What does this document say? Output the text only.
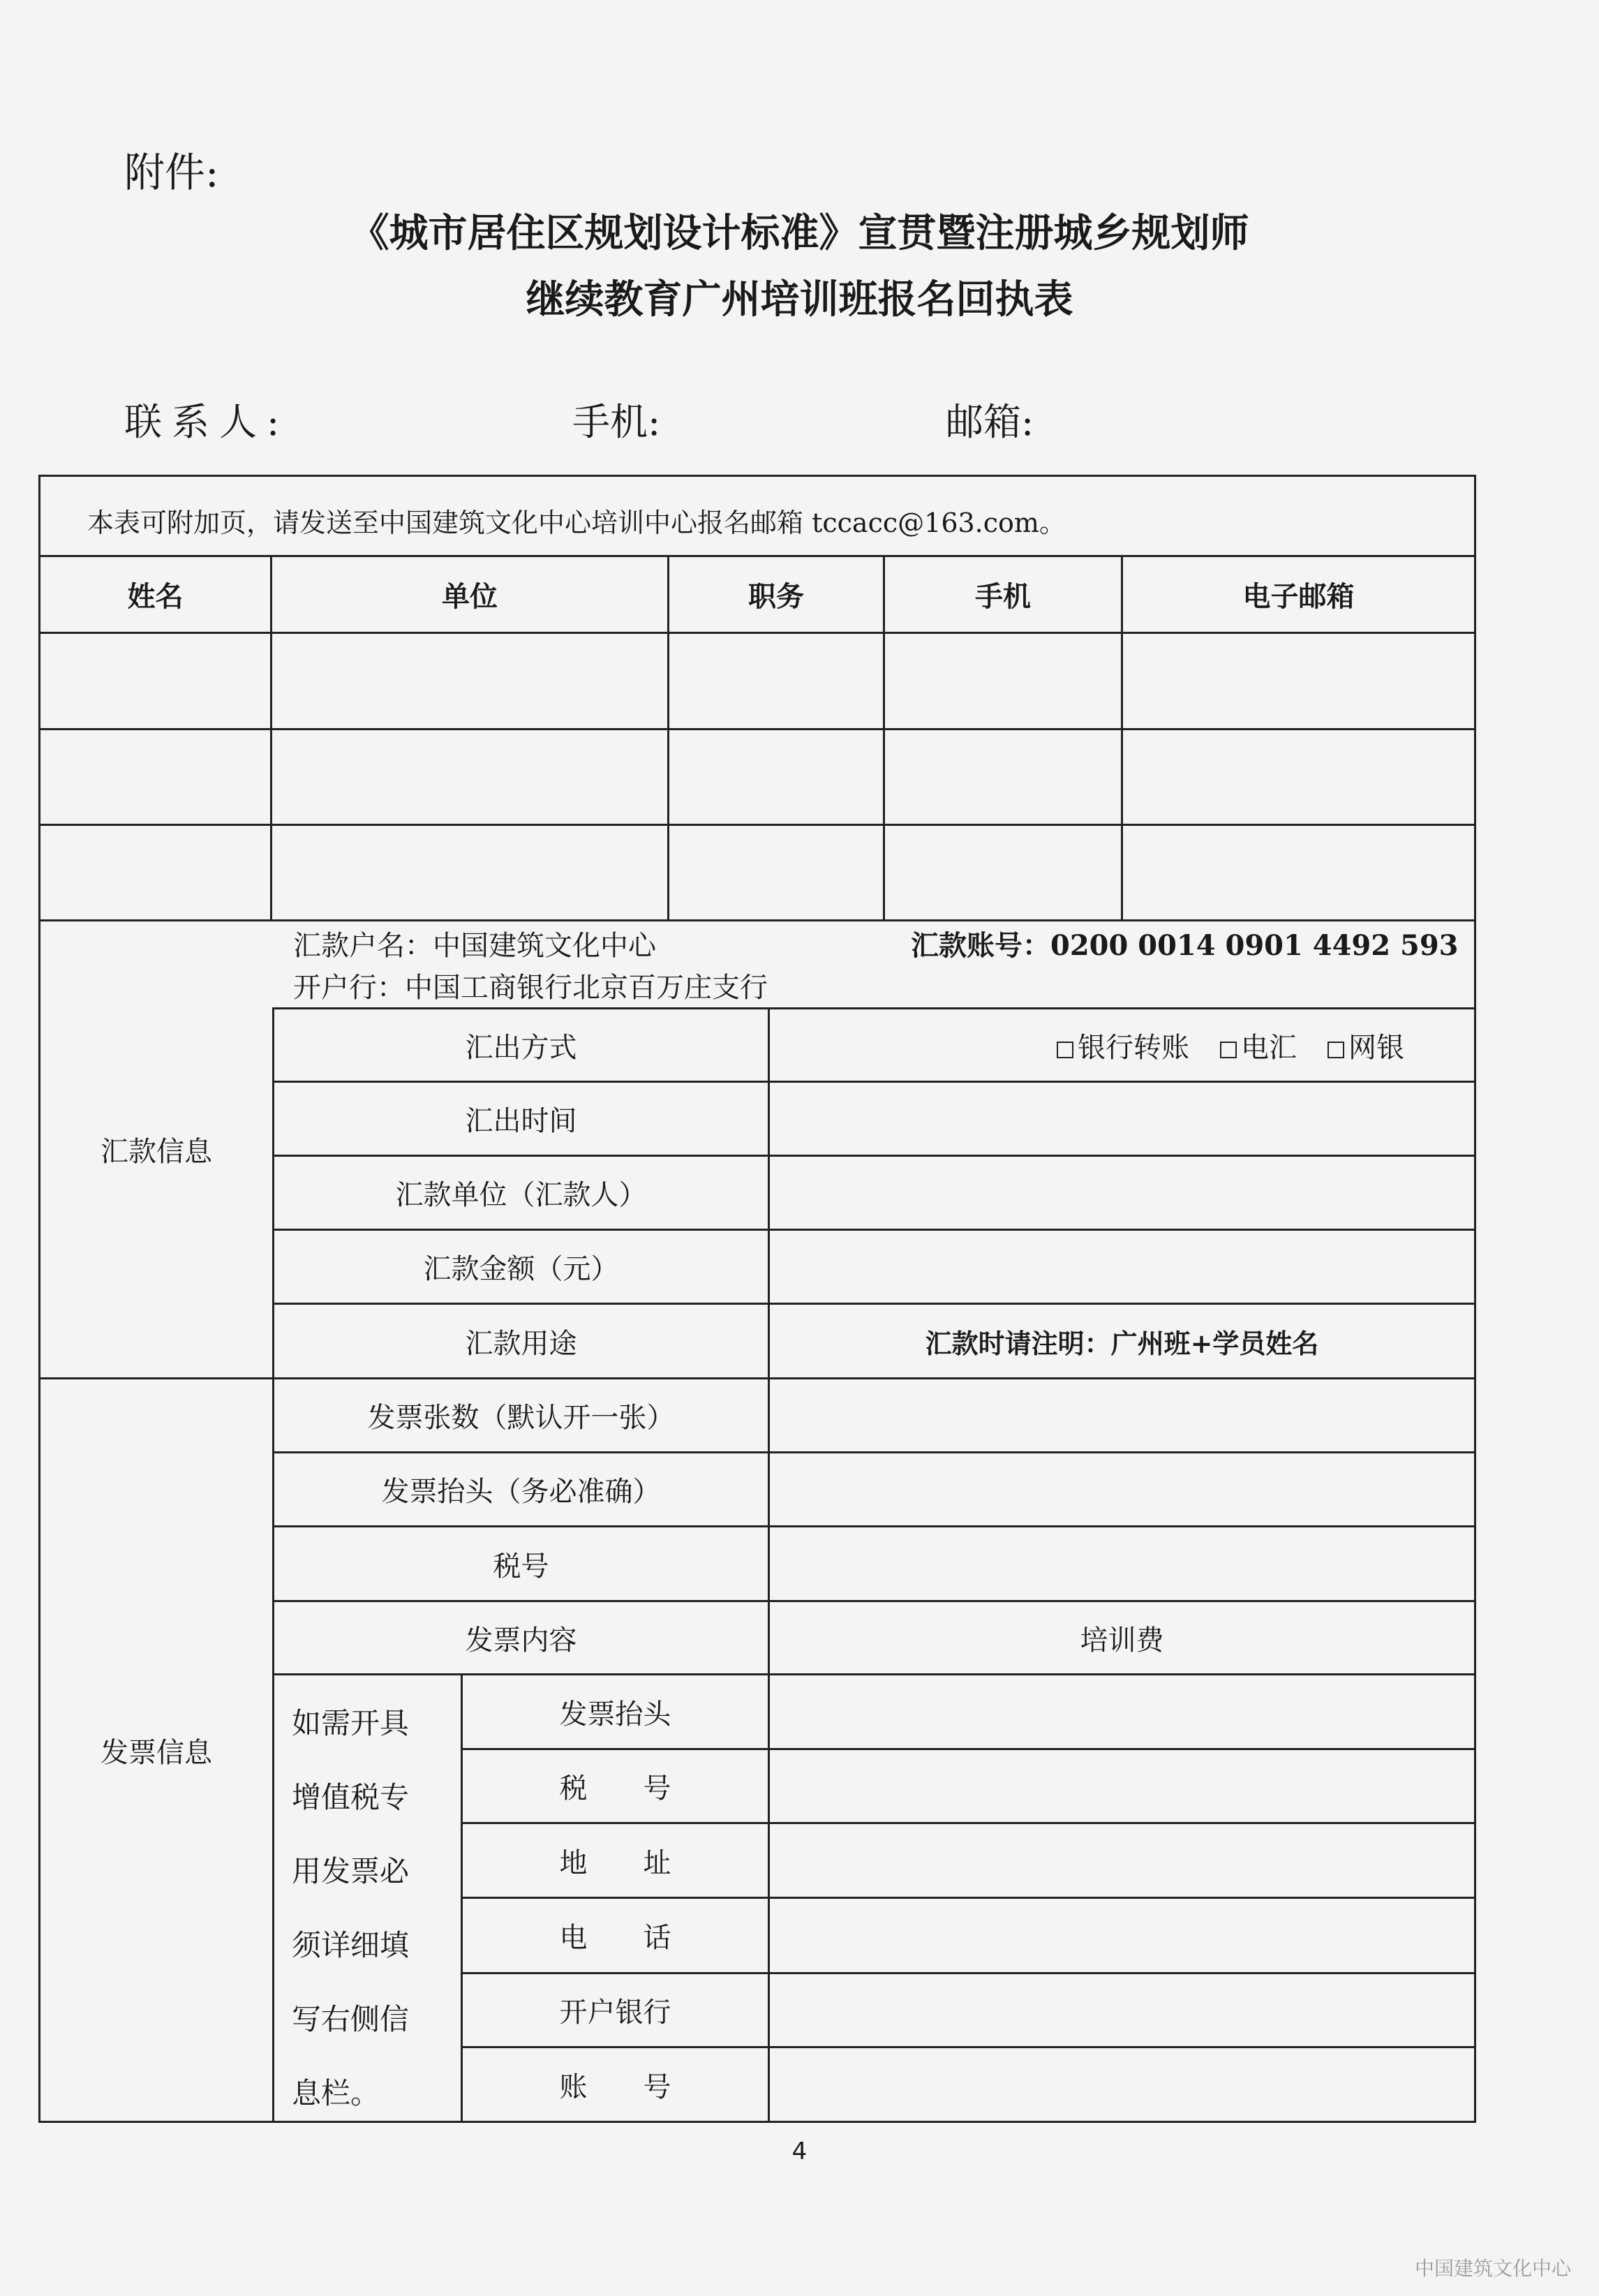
附件:
《城市居住区规划设计标准》宣贯暨注册城乡规划师
继续教育广州培训班报名回执表
联系人:	手机:	邮箱:
本表可附加页，请发送至中国建筑文化中心培训中心报名邮箱 tccacc@163.com。
姓名	单位	职务	手机	电子邮箱
汇款信息
汇款户名：中国建筑文化中心	汇款账号：0200 0014 0901 4492 593
开户行：中国工商银行北京百万庄支行
汇出方式	银行转账	电汇	网银
汇出时间
汇款单位（汇款人）
汇款金额（元）
汇款用途	汇款时请注明：广州班+学员姓名
发票信息
发票张数（默认开一张）
发票抬头（务必准确）
税号
发票内容	培训费
如需开具
增值税专
用发票必
须详细填
写右侧信
息栏。
发票抬头
税　　号
地　　址
电　　话
开户银行
账　　号
4
中国建筑文化中心
